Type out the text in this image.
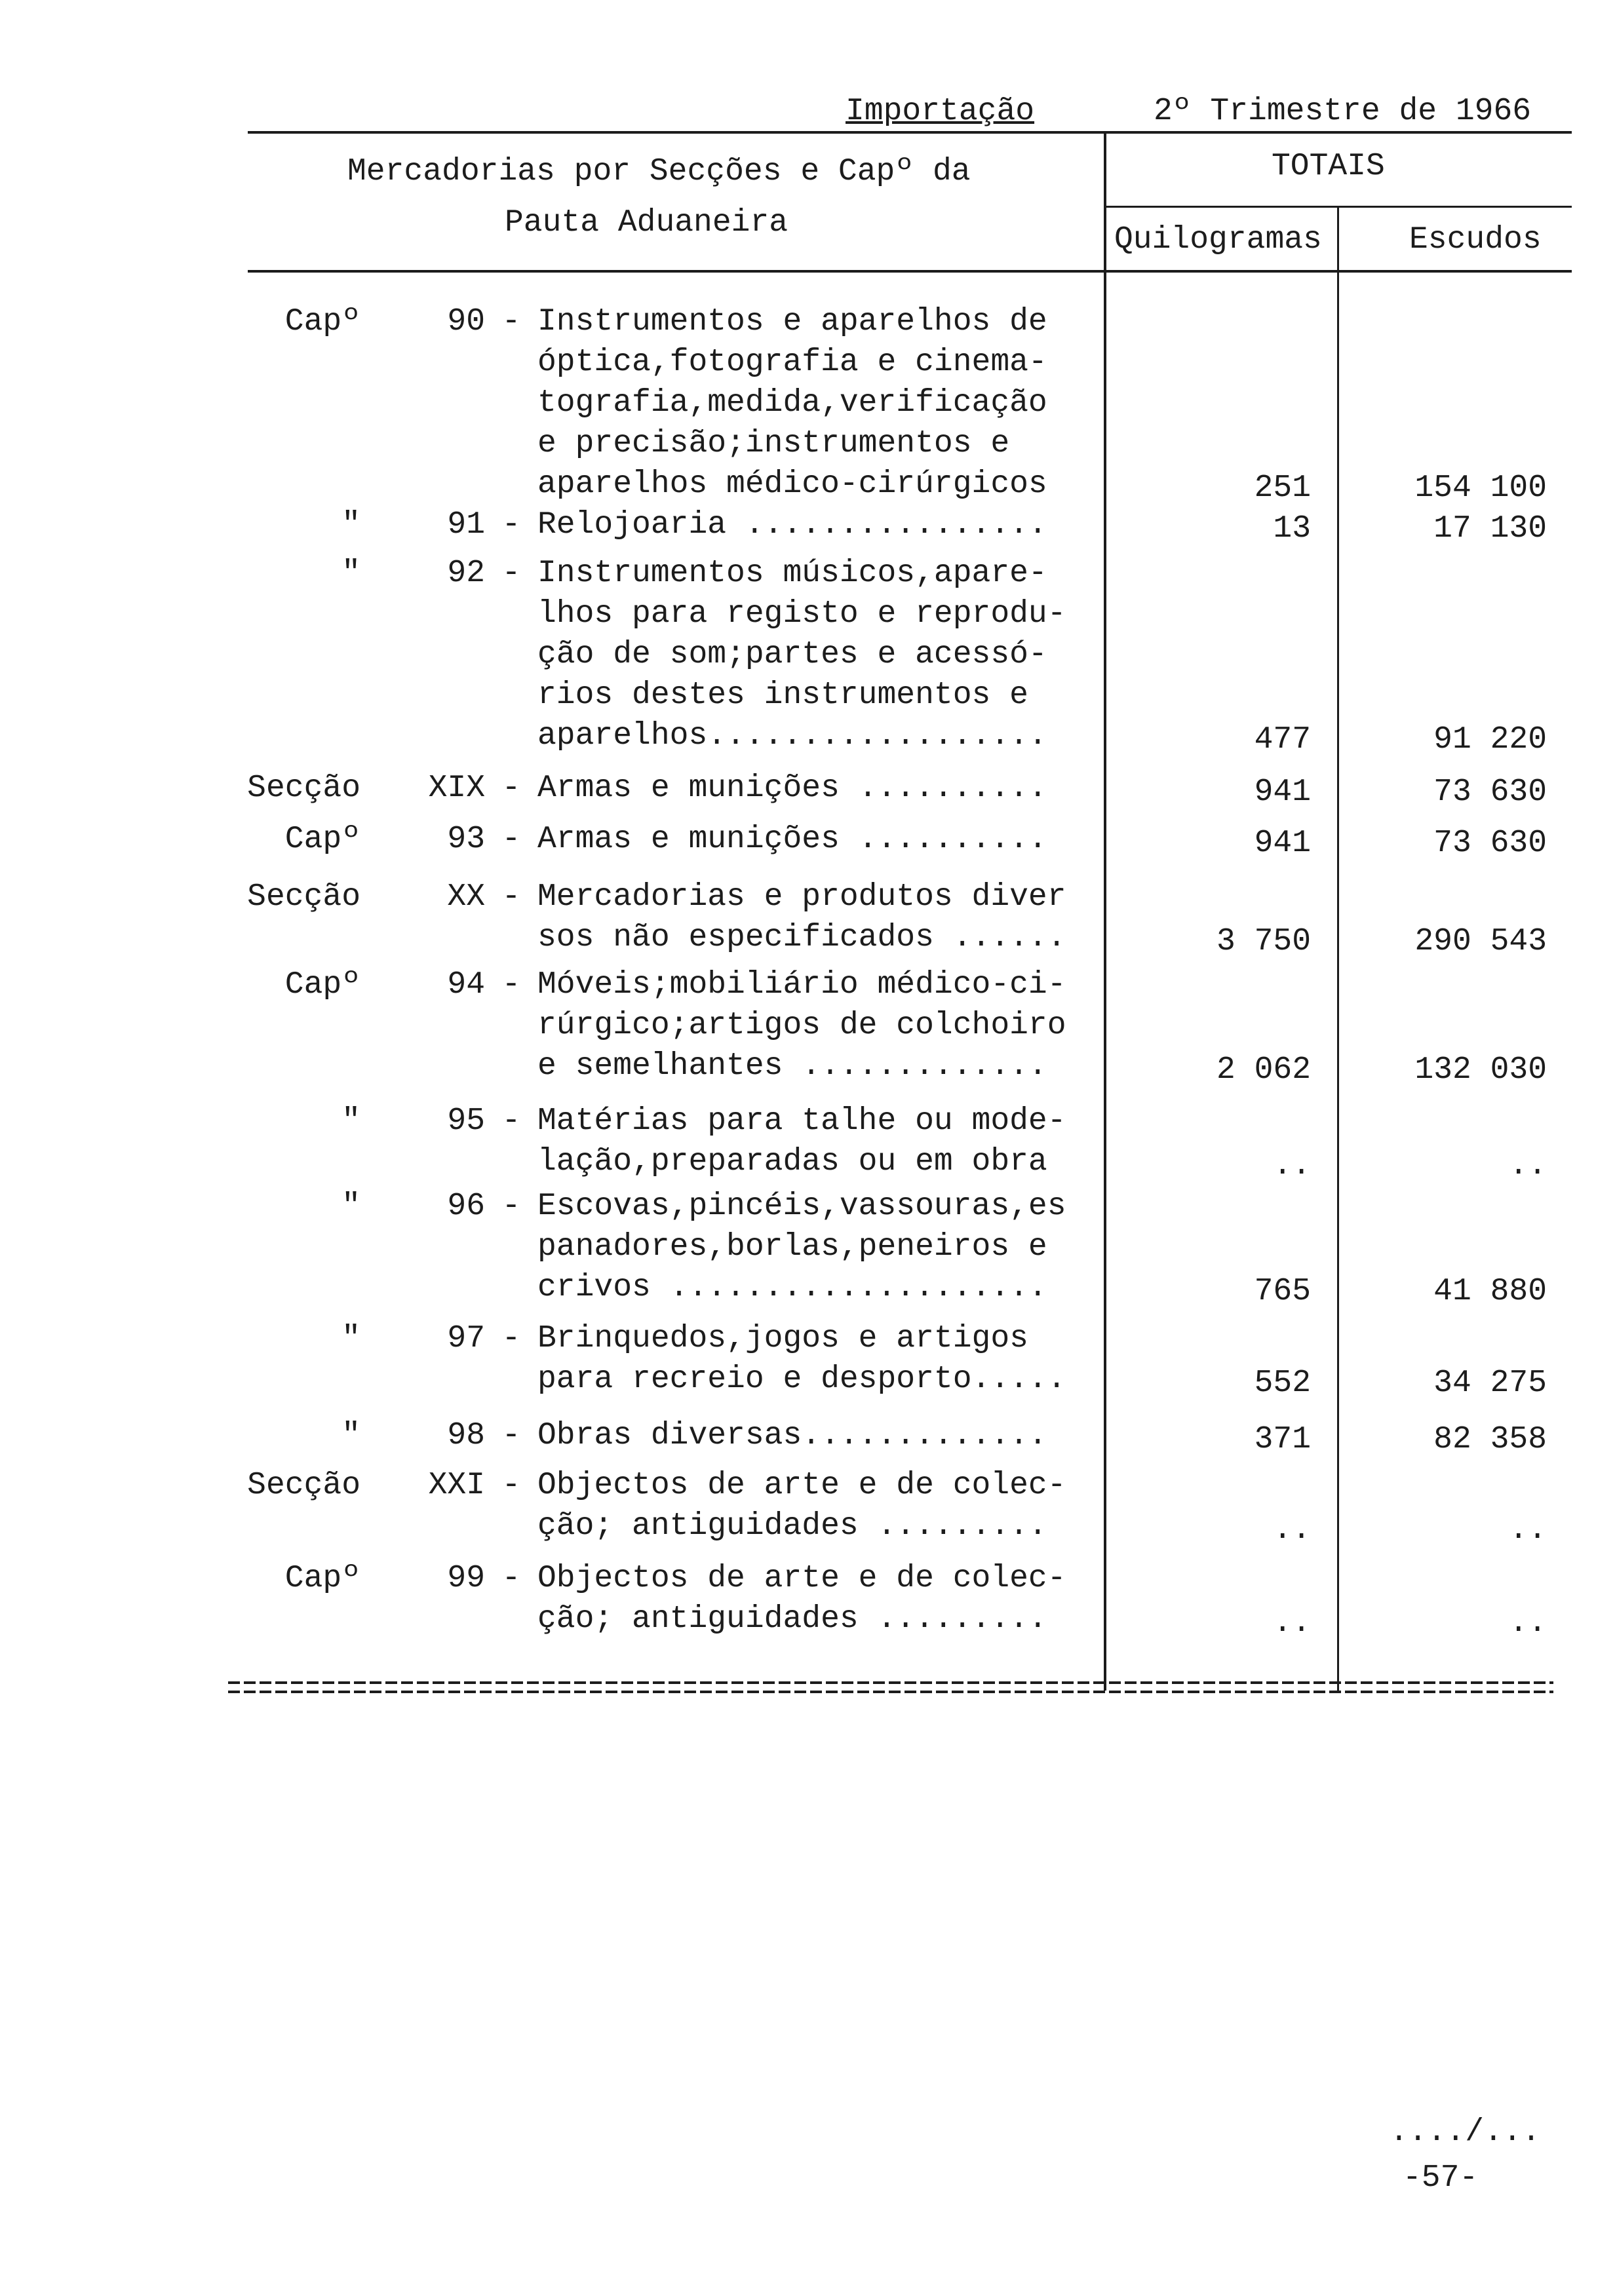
Importação	2º Trimestre de 1966
Mercadorias por Secções e Capº da
Pauta Aduaneira
TOTAIS
Quilogramas	Escudos
Capº	90 - Instrumentos e aparelhos de
óptica,fotografia e cinema-
tografia,medida,verificação
e precisão;instrumentos e
aparelhos médico-cirúrgicos	251	154 100
"	91 - Relojoaria ................	13	17 130
"	92 - Instrumentos músicos,apare-
lhos para registo e reprodu-
ção de som;partes e acessó-
rios destes instrumentos e
aparelhos..................	477	91 220
Secção	XIX - Armas e munições ..........	941	73 630
Capº	93 - Armas e munições ..........	941	73 630
Secção	XX - Mercadorias e produtos diver
sos não especificados ......	3 750	290 543
Capº	94 - Móveis;mobiliário médico-ci-
rúrgico;artigos de colchoiro
e semelhantes .............	2 062	132 030
"	95 - Matérias para talhe ou mode-
lação,preparadas ou em obra	..	..
"	96 - Escovas,pincéis,vassouras,es
panadores,borlas,peneiros e
crivos ....................	765	41 880
"	97 - Brinquedos,jogos e artigos
para recreio e desporto.....	552	34 275
"	98 - Obras diversas.............	371	82 358
Secção	XXI - Objectos de arte e de colec-
ção; antiguidades .........	..	..
Capº	99 - Objectos de arte e de colec-
ção; antiguidades .........	..	..
..../...
-57-
